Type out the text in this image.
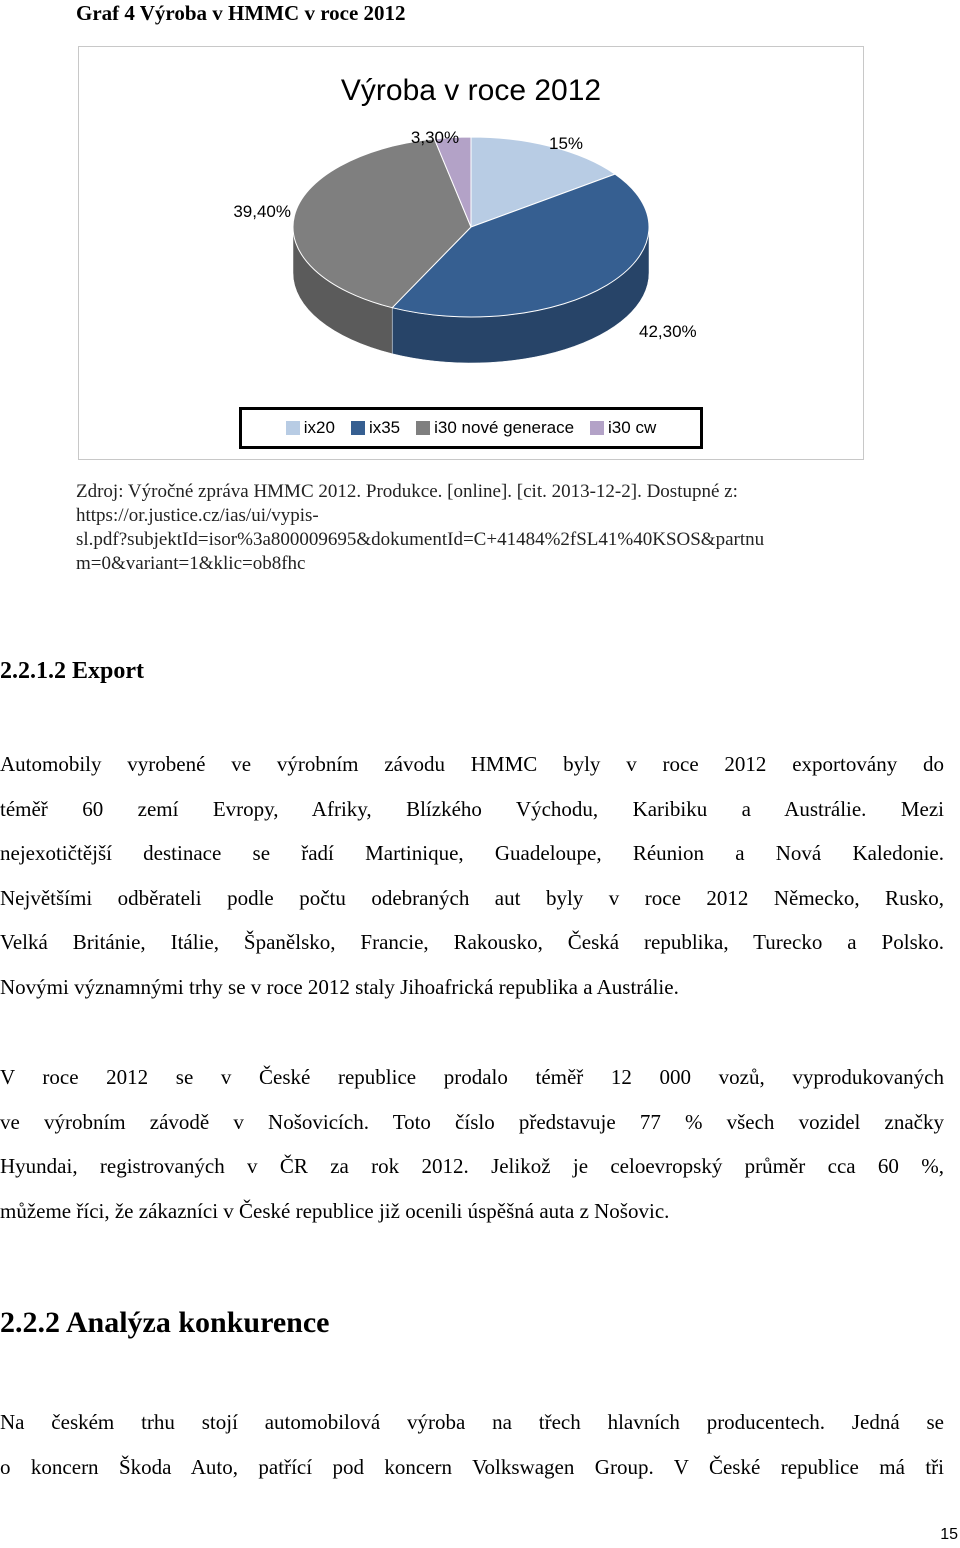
Graf 4 Výroba v HMMC v roce 2012
Výroba v roce 2012
15%
42,30%
39,40%
3,30%
ix20 ix35 i30 nové generace i30 cw
Zdroj: Výročné zpráva HMMC 2012. Produkce. [online]. [cit. 2013-12-2]. Dostupné z:
https://or.justice.cz/ias/ui/vypis-
sl.pdf?subjektId=isor%3a800009695&dokumentId=C+41484%2fSL41%40KSOS&partnu
m=0&variant=1&klic=ob8fhc
2.2.1.2 Export
Automobily vyrobené ve výrobním závodu HMMC byly v roce 2012 exportovány do
téměř 60 zemí Evropy, Afriky, Blízkého Východu, Karibiku a Austrálie. Mezi
nejexotičtější destinace se řadí Martinique, Guadeloupe, Réunion a Nová Kaledonie.
Největšími odběrateli podle počtu odebraných aut byly v roce 2012 Německo, Rusko,
Velká Británie, Itálie, Španělsko, Francie, Rakousko, Česká republika, Turecko a Polsko.
Novými významnými trhy se v roce 2012 staly Jihoafrická republika a Austrálie.
V roce 2012 se v České republice prodalo téměř 12 000 vozů, vyprodukovaných
ve výrobním závodě v Nošovicích. Toto číslo představuje 77 % všech vozidel značky
Hyundai, registrovaných v ČR za rok 2012. Jelikož je celoevropský průměr cca 60 %,
můžeme říci, že zákazníci v České republice již ocenili úspěšná auta z Nošovic.
2.2.2 Analýza konkurence
Na českém trhu stojí automobilová výroba na třech hlavních producentech. Jedná se
o koncern Škoda Auto, patřící pod koncern Volkswagen Group. V České republice má tři
15
